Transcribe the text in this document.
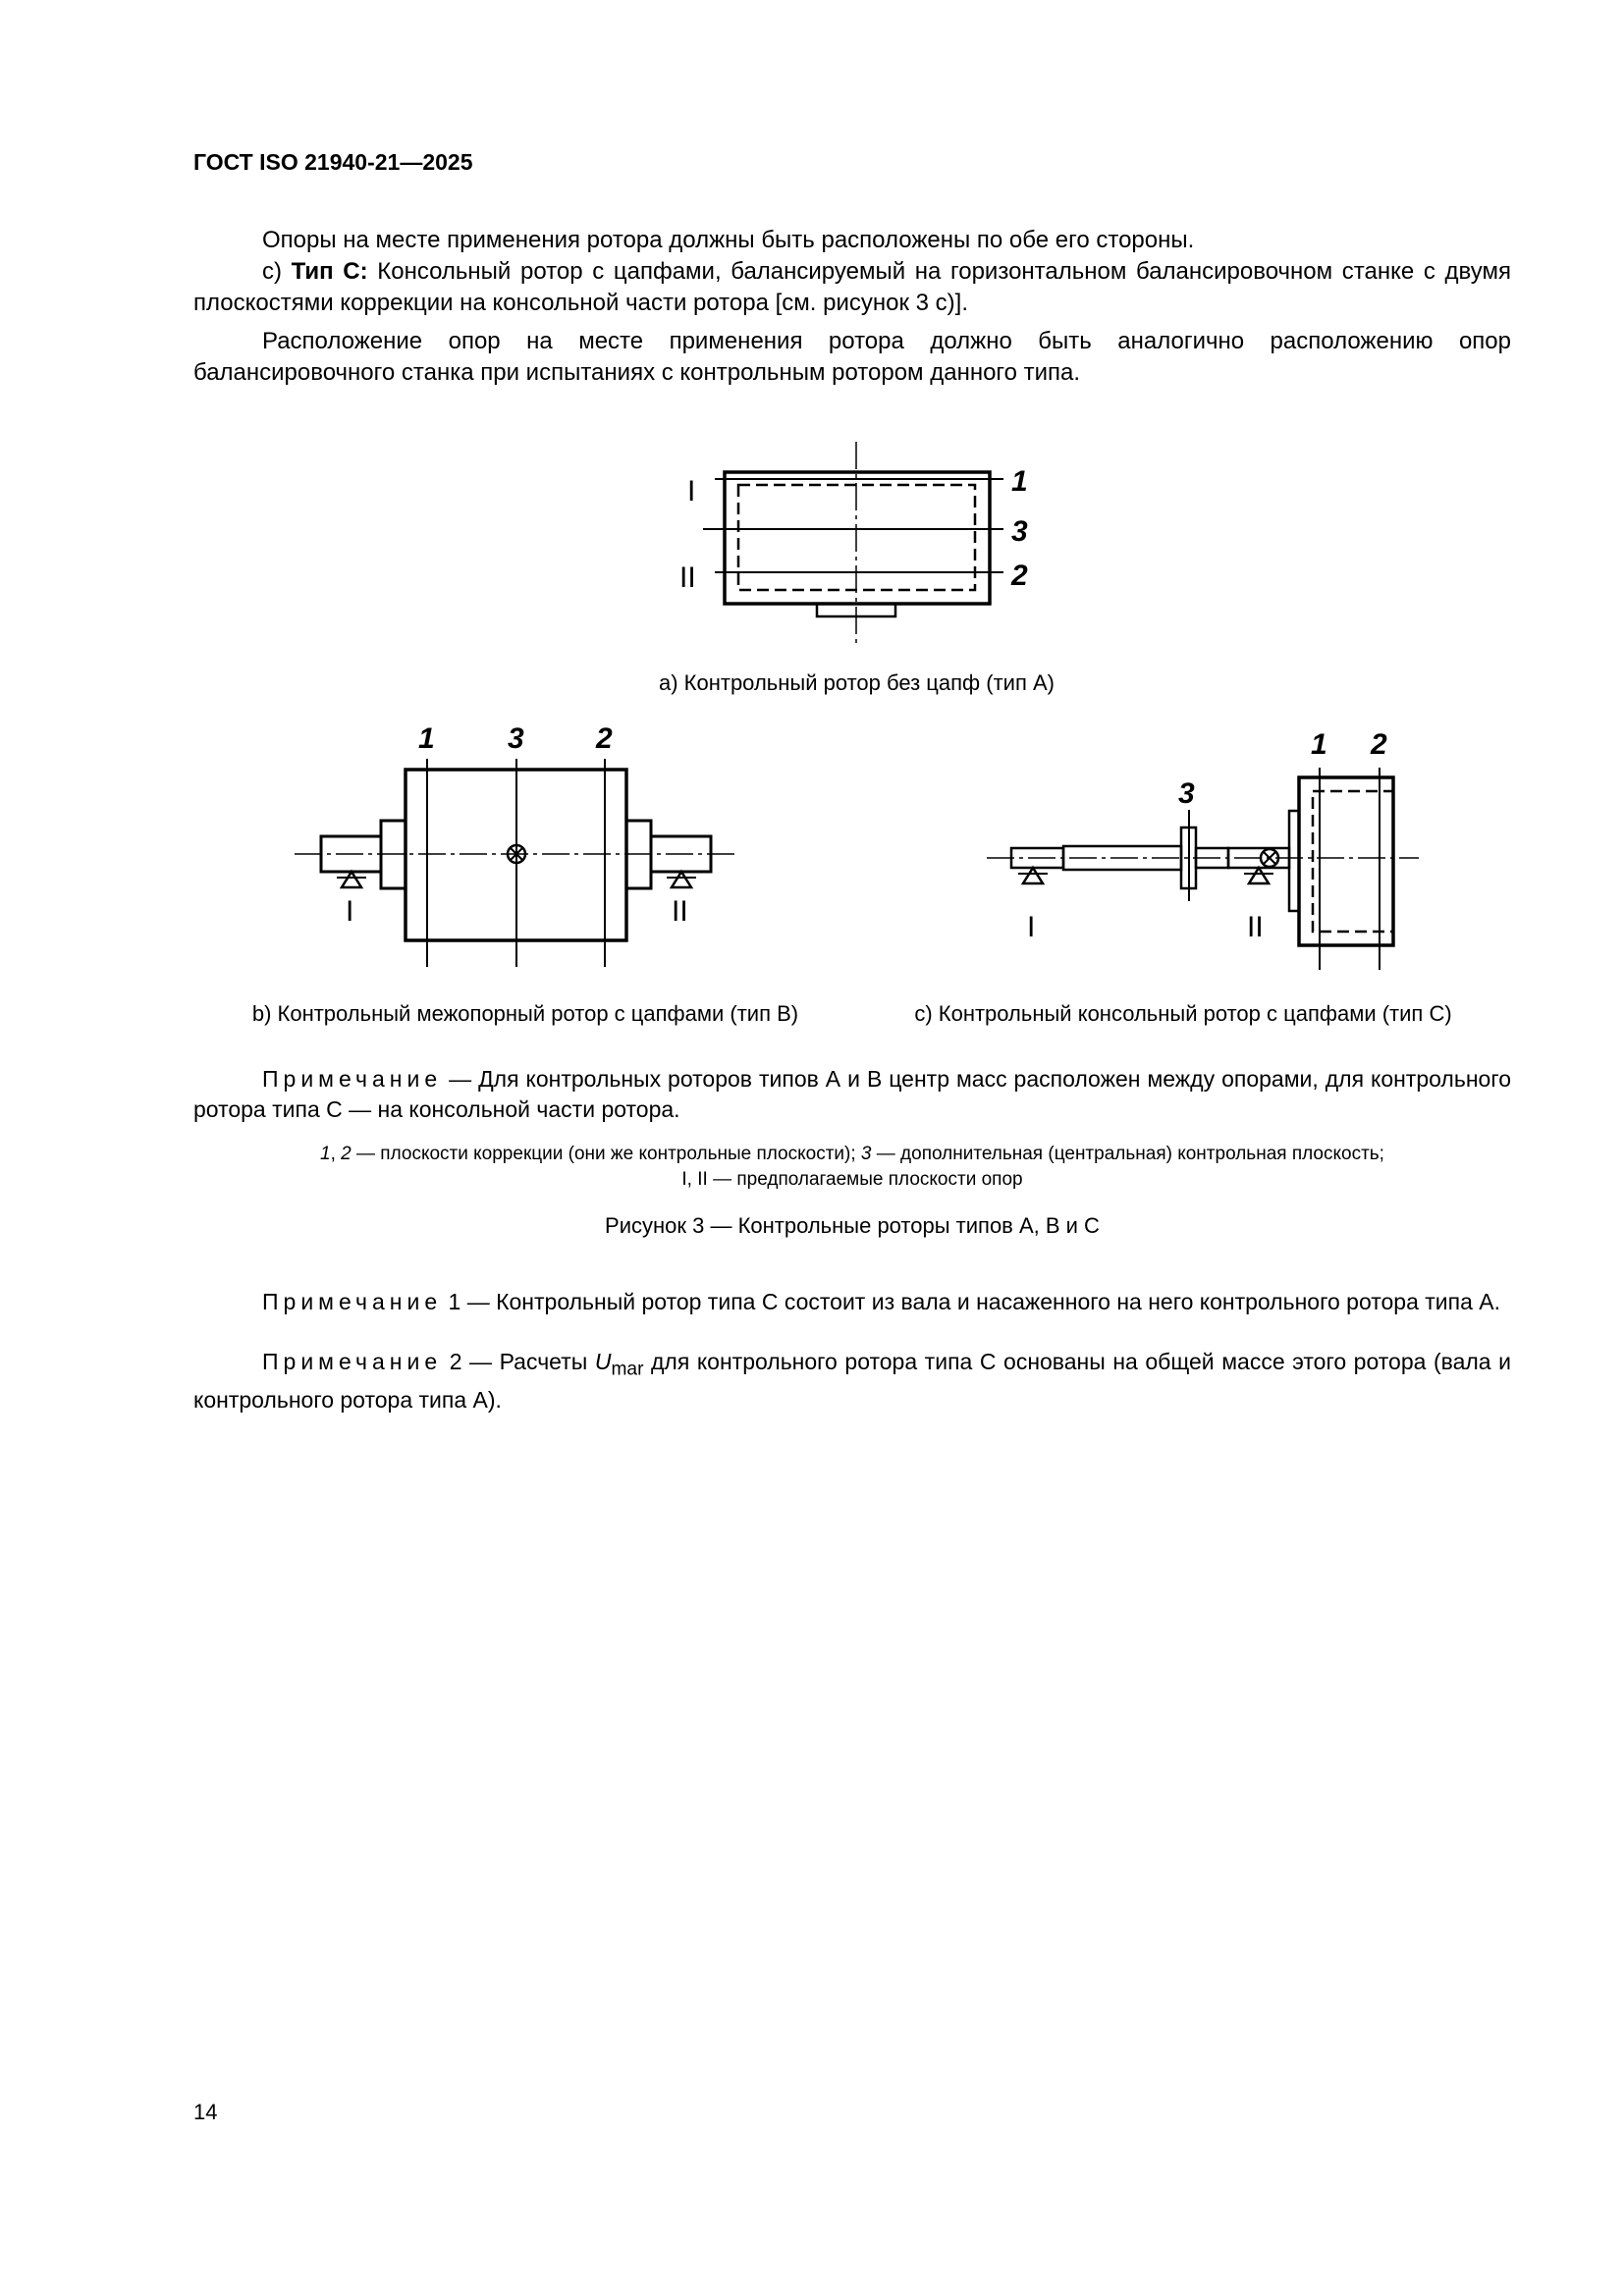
ГОСТ ISO 21940-21—2025
Опоры на месте применения ротора должны быть расположены по обе его стороны.
c) Тип C: Консольный ротор с цапфами, балансируемый на горизонтальном балансировочном станке с двумя плоскостями коррекции на консольной части ротора [см. рисунок 3 с)].
Расположение опор на месте применения ротора должно быть аналогично расположению опор балансировочного станка при испытаниях с контрольным ротором данного типа.
I
II
1
3
2
1 3 2
I	II
3
1 2
I	II
а) Контрольный ротор без цапф (тип А)
b) Контрольный межопорный ротор с цапфами (тип В)	c) Контрольный консольный ротор с цапфами (тип С)
Примечание — Для контрольных роторов типов А и В центр масс расположен между опорами, для контрольного ротора типа С — на консольной части ротора.
1, 2 — плоскости коррекции (они же контрольные плоскости); 3 — дополнительная (центральная) контрольная плоскость;
I, II — предполагаемые плоскости опор
Рисунок 3 — Контрольные роторы типов А, В и С
Примечание 1 — Контрольный ротор типа С состоит из вала и насаженного на него контрольного ротора типа А.
Примечание 2 — Расчеты $U_{mar}$ для контрольного ротора типа С основаны на общей массе этого ротора (вала и контрольного ротора типа А).
14
